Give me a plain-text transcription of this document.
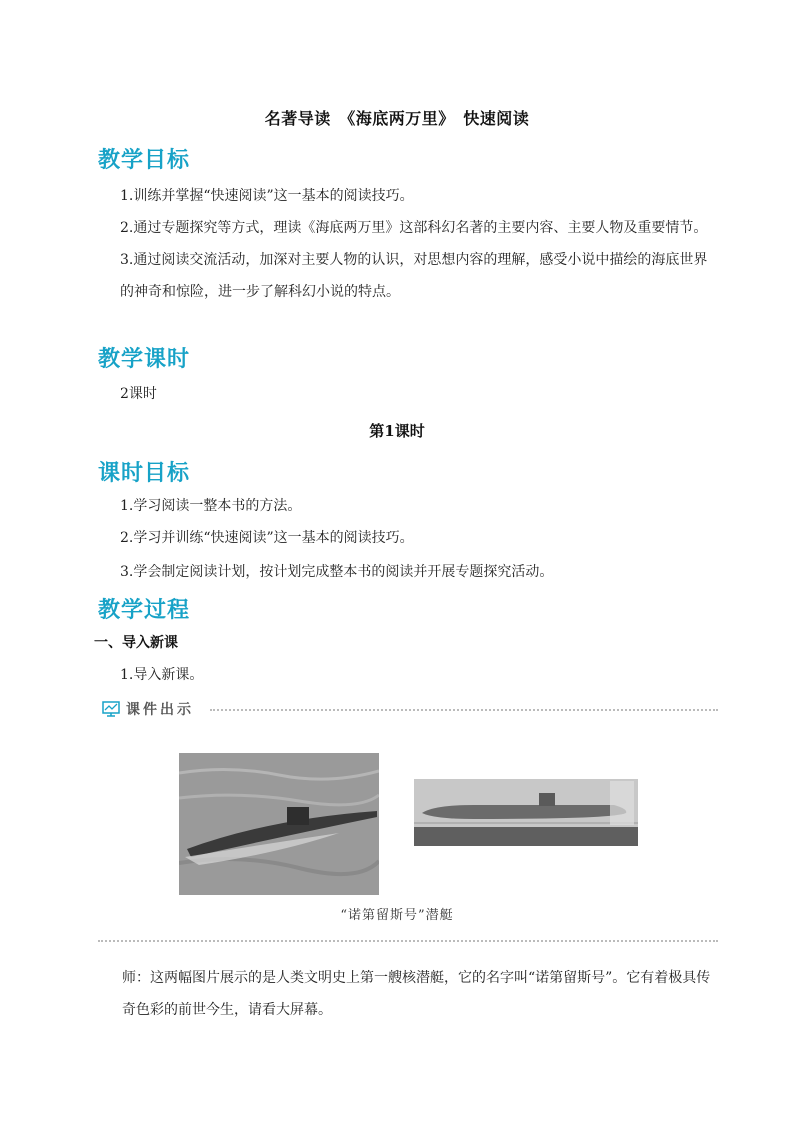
名著导读　《海底两万里》　快速阅读
教学目标
1.训练并掌握“快速阅读”这一基本的阅读技巧。
2.通过专题探究等方式，理读《海底两万里》这部科幻名著的主要内容、主要人物及重要情节。
3.通过阅读交流活动，加深对主要人物的认识，对思想内容的理解，感受小说中描绘的海底世界的神奇和惊险，进一步了解科幻小说的特点。
教学课时
2课时
第1课时
课时目标
1.学习阅读一整本书的方法。
2.学习并训练“快速阅读”这一基本的阅读技巧。
3.学会制定阅读计划，按计划完成整本书的阅读并开展专题探究活动。
教学过程
一、导入新课
1.导入新课。
课件出示
“诺第留斯号”潜艇
师：这两幅图片展示的是人类文明史上第一艘核潜艇，它的名字叫“诺第留斯号”。它有着极具传奇色彩的前世今生，请看大屏幕。
